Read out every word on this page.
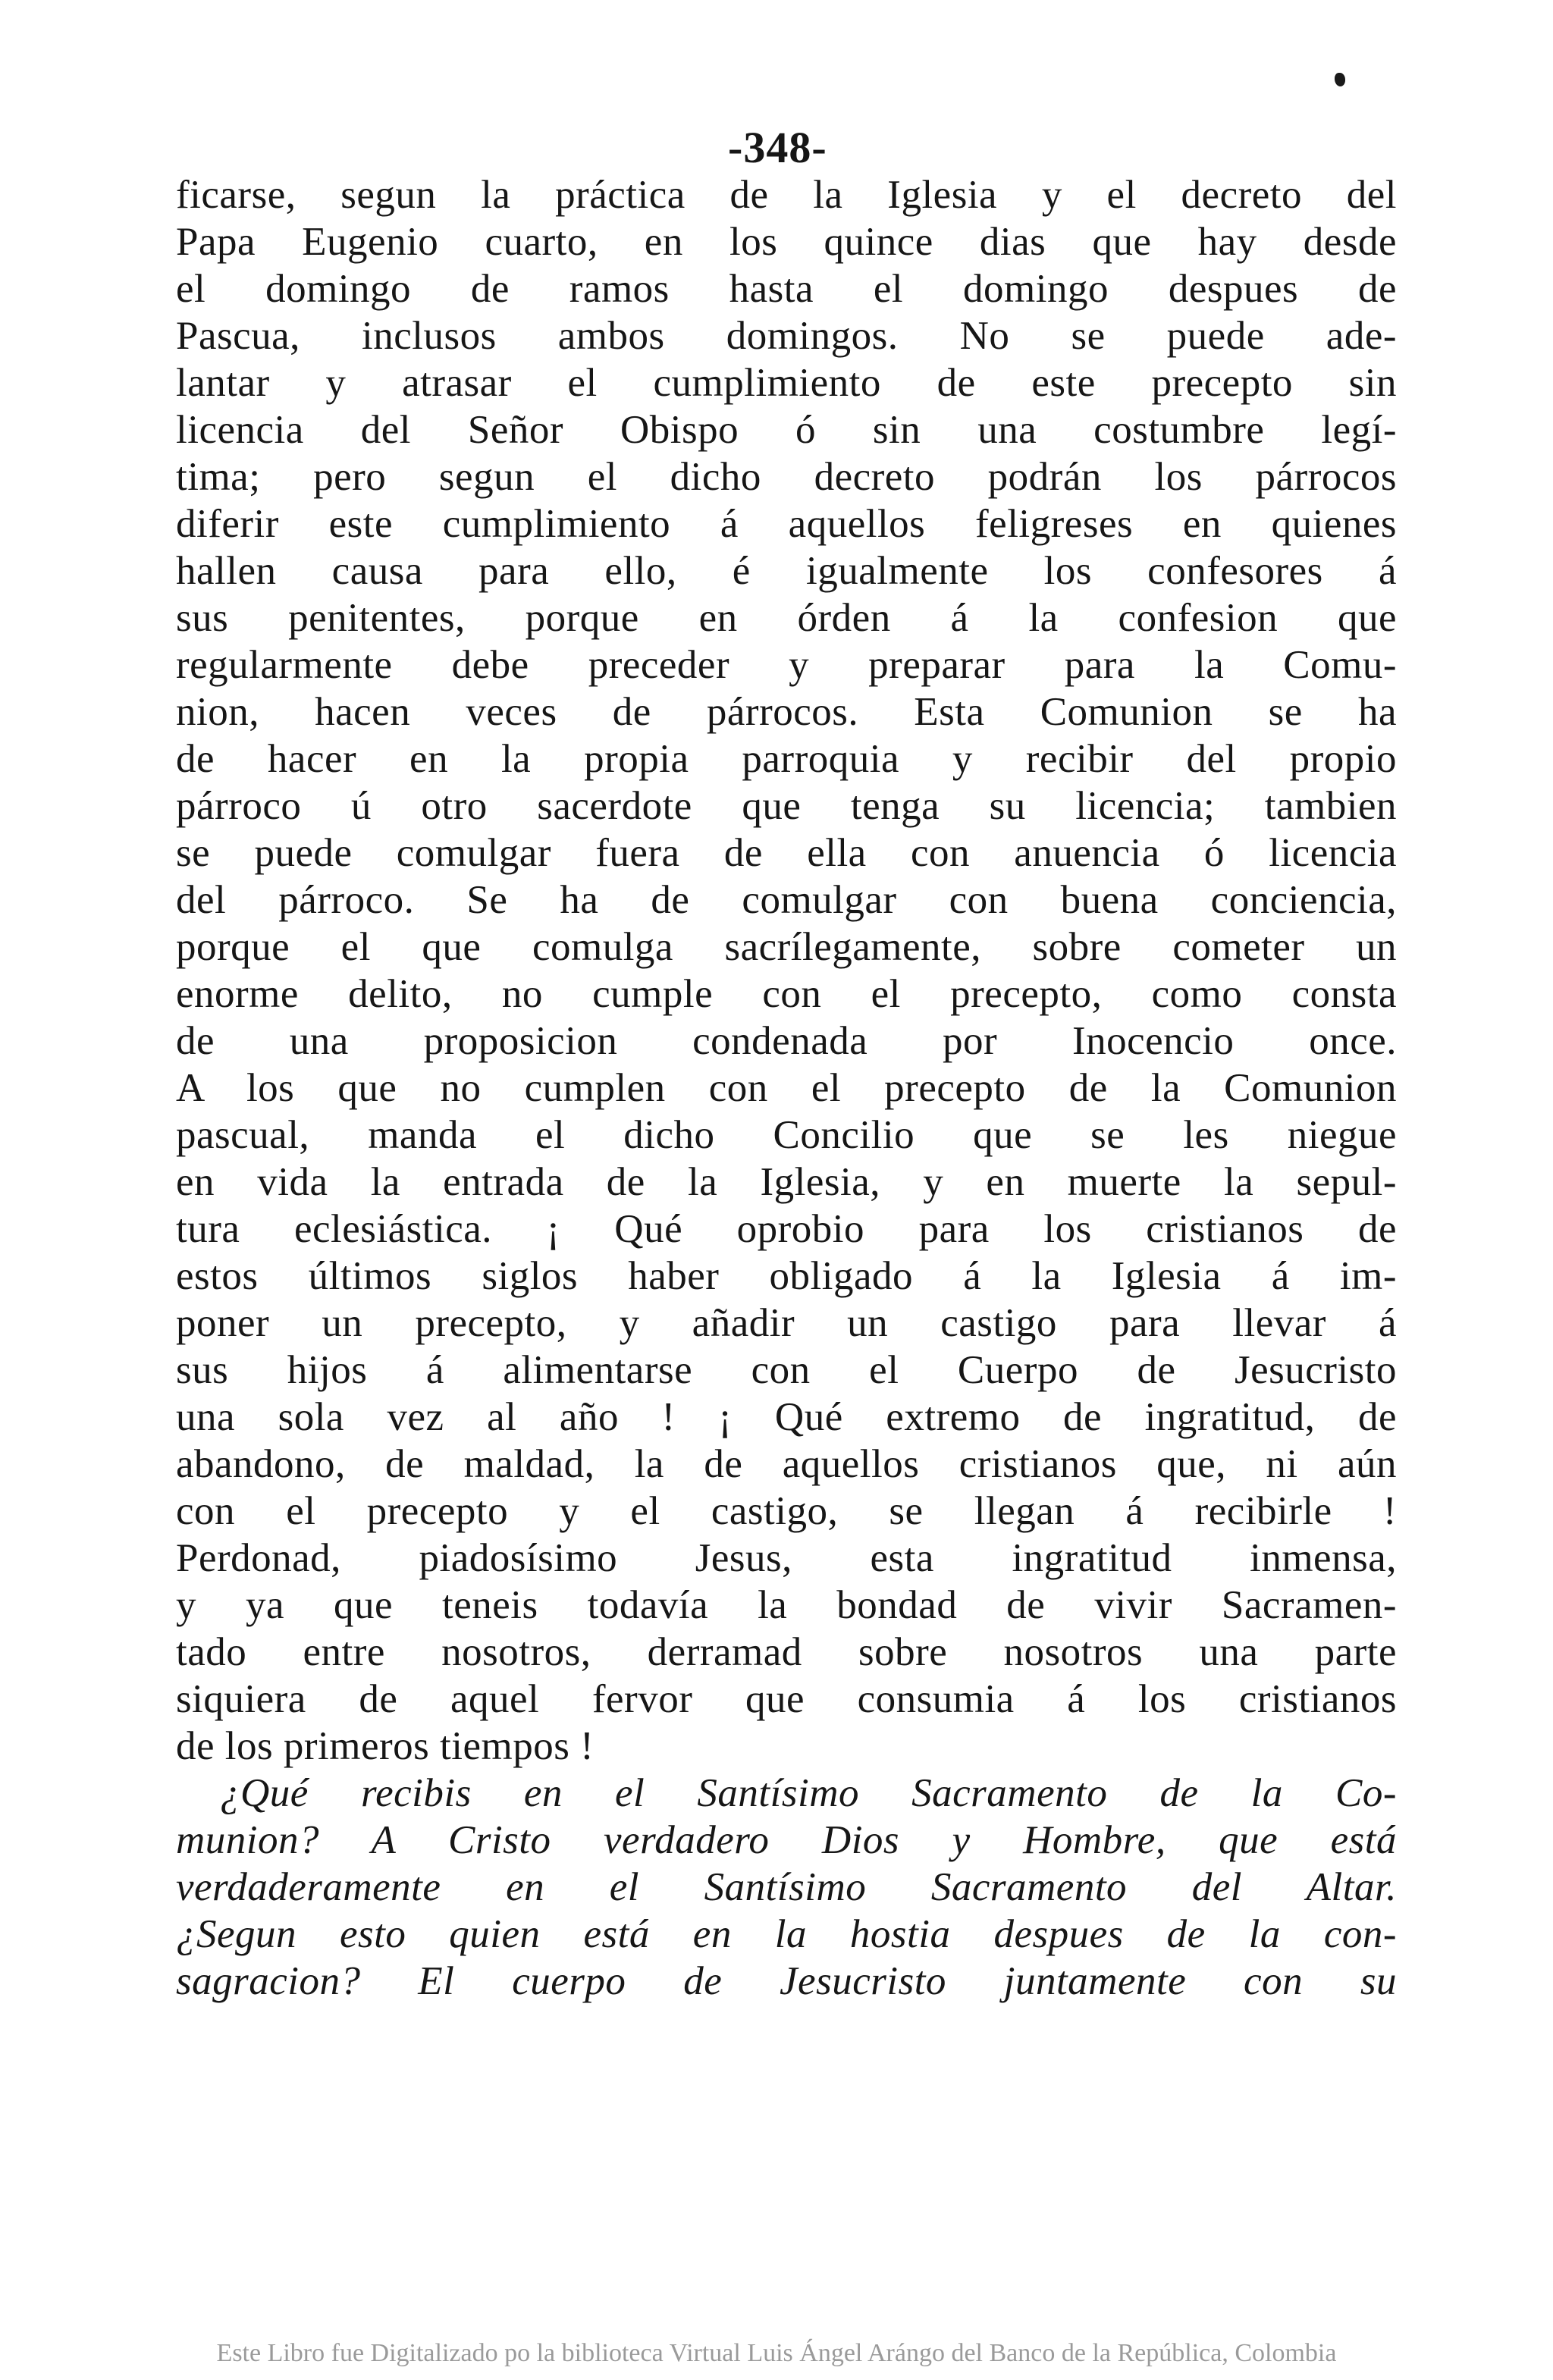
-348-
ficarse, segun la práctica de la Iglesia y el decreto del
Papa Eugenio cuarto, en los quince dias que hay desde
el domingo de ramos hasta el domingo despues de
Pascua, inclusos ambos domingos. No se puede ade-
lantar y atrasar el cumplimiento de este precepto sin
licencia del Señor Obispo ó sin una costumbre legí-
tima; pero segun el dicho decreto podrán los párrocos
diferir este cumplimiento á aquellos feligreses en quienes
hallen causa para ello, é igualmente los confesores á
sus penitentes, porque en órden á la confesion que
regularmente debe preceder y preparar para la Comu-
nion, hacen veces de párrocos. Esta Comunion se ha
de hacer en la propia parroquia y recibir del propio
párroco ú otro sacerdote que tenga su licencia; tambien
se puede comulgar fuera de ella con anuencia ó licencia
del párroco. Se ha de comulgar con buena conciencia,
porque el que comulga sacrílegamente, sobre cometer un
enorme delito, no cumple con el precepto, como consta
de una proposicion condenada por Inocencio once.
A los que no cumplen con el precepto de la Comunion
pascual, manda el dicho Concilio que se les niegue
en vida la entrada de la Iglesia, y en muerte la sepul-
tura eclesiástica. ¡ Qué oprobio para los cristianos de
estos últimos siglos haber obligado á la Iglesia á im-
poner un precepto, y añadir un castigo para llevar á
sus hijos á alimentarse con el Cuerpo de Jesucristo
una sola vez al año ! ¡ Qué extremo de ingratitud, de
abandono, de maldad, la de aquellos cristianos que, ni aún
con el precepto y el castigo, se llegan á recibirle !
Perdonad, piadosísimo Jesus, esta ingratitud inmensa,
y ya que teneis todavía la bondad de vivir Sacramen-
tado entre nosotros, derramad sobre nosotros una parte
siquiera de aquel fervor que consumia á los cristianos
de los primeros tiempos !
¿Qué recibis en el Santísimo Sacramento de la Co-
munion? A Cristo verdadero Dios y Hombre, que está
verdaderamente en el Santísimo Sacramento del Altar.
¿Segun esto quien está en la hostia despues de la con-
sagracion? El cuerpo de Jesucristo juntamente con su
Este Libro fue Digitalizado po la biblioteca Virtual Luis Ángel Arángo del Banco de la República, Colombia
